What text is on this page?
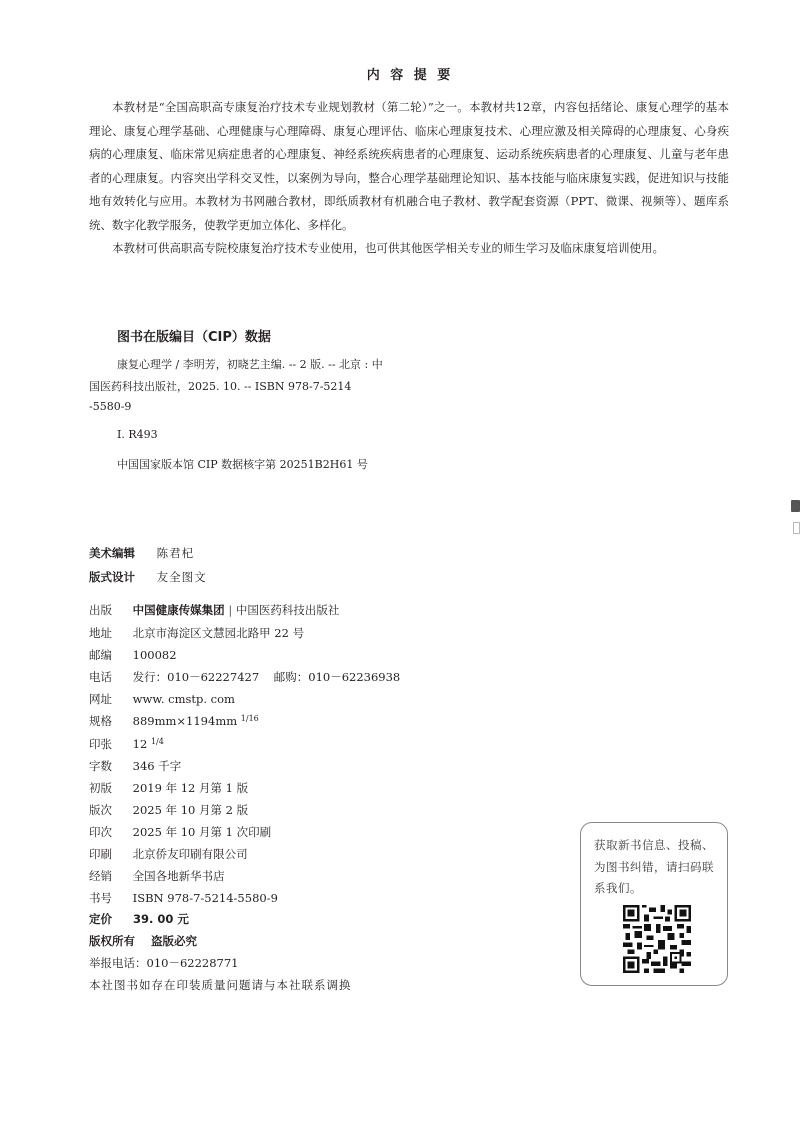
内 容 提 要

本教材是“全国高职高专康复治疗技术专业规划教材（第二轮）”之一。本教材共12章，内容包括绪论、康复心理学的基本理论、康复心理学基础、心理健康与心理障碍、康复心理评估、临床心理康复技术、心理应激及相关障碍的心理康复、心身疾病的心理康复、临床常见病症患者的心理康复、神经系统疾病患者的心理康复、运动系统疾病患者的心理康复、儿童与老年患者的心理康复。内容突出学科交叉性，以案例为导向，整合心理学基础理论知识、基本技能与临床康复实践，促进知识与技能地有效转化与应用。本教材为书网融合教材，即纸质教材有机融合电子教材、教学配套资源（PPT、微课、视频等）、题库系统、数字化教学服务，使教学更加立体化、多样化。

本教材可供高职高专院校康复治疗技术专业使用，也可供其他医学相关专业的师生学习及临床康复培训使用。

图书在版编目（CIP）数据
康复心理学 / 李明芳，初晓艺主编. -- 2 版. -- 北京 : 中
国医药科技出版社，2025. 10. -- ISBN 978-7-5214
-5580-9
Ⅰ. R493
中国国家版本馆 CIP 数据核字第 20251B2H61 号
美术编辑 陈君杞
版式设计 友全图文
出版 中国健康传媒集团 | 中国医药科技出版社
地址 北京市海淀区文慧园北路甲 22 号
邮编 100082
电话 发行：010－62227427    邮购：010－62236938
网址 www. cmstp. com
规格 889mm×1194mm $^{1/16}$
印张 12 $^{1/4}$
字数 346 千字
初版 2019 年 12 月第 1 版
版次 2025 年 10 月第 2 版
印次 2025 年 10 月第 1 次印刷
印刷 北京侨友印刷有限公司
经销 全国各地新华书店
书号 ISBN 978-7-5214-5580-9
定价 39. 00 元
版权所有    盗版必究
举报电话：010－62228771
本社图书如存在印装质量问题请与本社联系调换
获取新书信息、投稿、为图书纠错，请扫码联系我们。
